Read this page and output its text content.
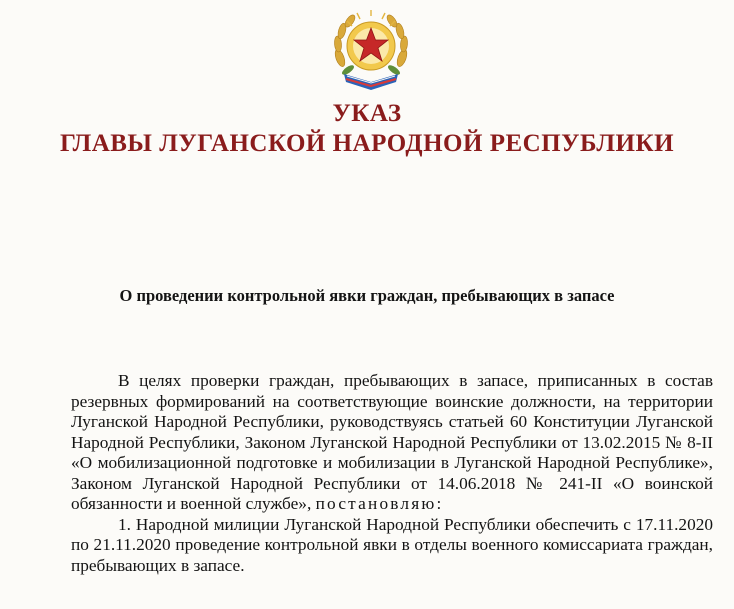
УКАЗ
ГЛАВЫ ЛУГАНСКОЙ НАРОДНОЙ РЕСПУБЛИКИ
О проведении контрольной явки граждан, пребывающих в запасе

В целях проверки граждан, пребывающих в запасе, приписанных в состав резервных формирований на соответствующие воинские должности, на территории Луганской Народной Республики, руководствуясь статьей 60 Конституции Луганской Народной Республики, Законом Луганской Народной Республики от 13.02.2015 № 8-II «О мобилизационной подготовке и мобилизации в Луганской Народной Республике», Законом Луганской Народной Республики от 14.06.2018 № 241-II «О воинской обязанности и военной службе», постановляю:

1. Народной милиции Луганской Народной Республики обеспечить с 17.11.2020 по 21.11.2020 проведение контрольной явки в отделы военного комиссариата граждан, пребывающих в запасе.
